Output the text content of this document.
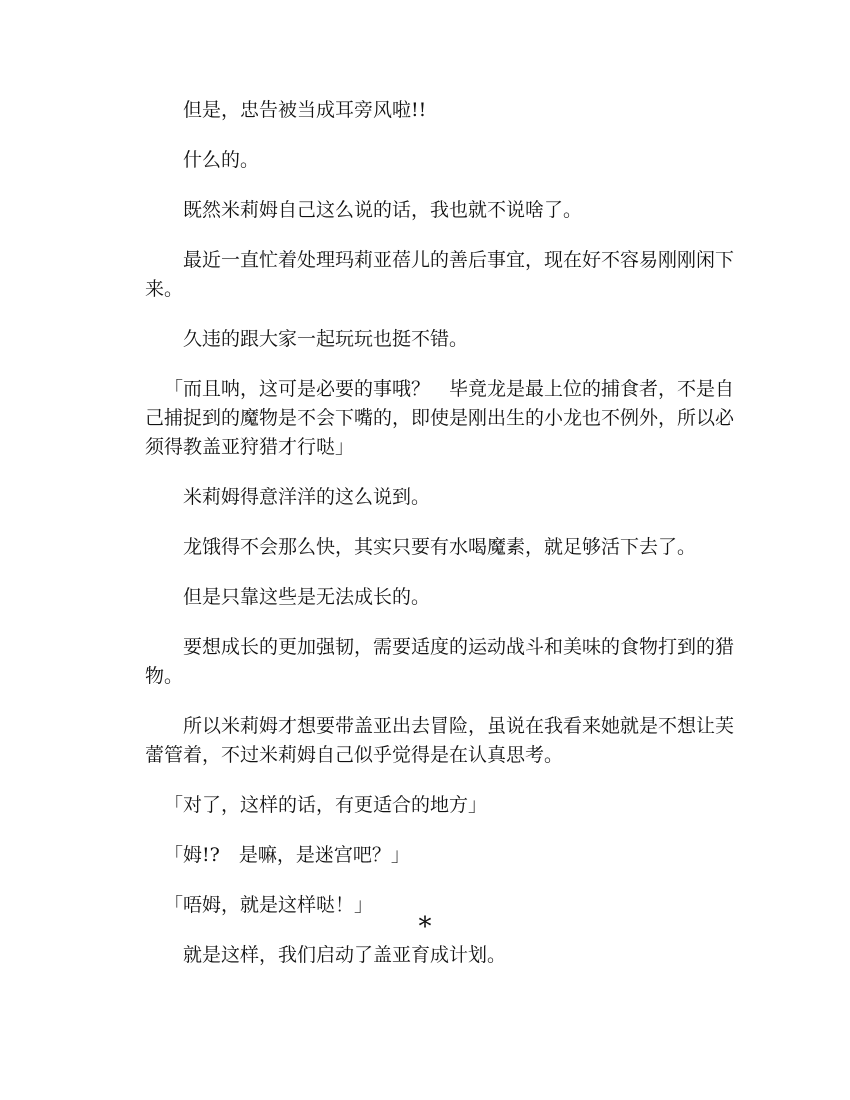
但是，忠告被当成耳旁风啦!!

什么的。

既然米莉姆自己这么说的话，我也就不说啥了。

最近一直忙着处理玛莉亚蓓儿的善后事宜，现在好不容易刚刚闲下来。

久违的跟大家一起玩玩也挺不错。

「而且呐，这可是必要的事哦？　毕竟龙是最上位的捕食者，不是自己捕捉到的魔物是不会下嘴的，即使是刚出生的小龙也不例外，所以必须得教盖亚狩猎才行哒」

米莉姆得意洋洋的这么说到。

龙饿得不会那么快，其实只要有水喝魔素，就足够活下去了。

但是只靠这些是无法成长的。

要想成长的更加强韧，需要适度的运动战斗和美味的食物打到的猎物。

所以米莉姆才想要带盖亚出去冒险，虽说在我看来她就是不想让芙蕾管着，不过米莉姆自己似乎觉得是在认真思考。

「对了，这样的话，有更适合的地方」

「姆!?　是嘛，是迷宫吧？」

「唔姆，就是这样哒！」

就是这样，我们启动了盖亚育成计划。

*
